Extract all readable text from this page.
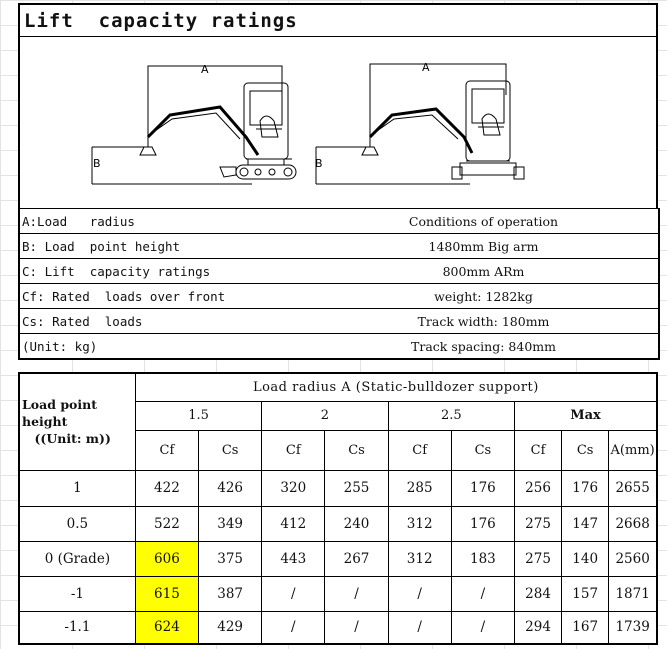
Lift  capacity ratings
A
B
A
B
A:Load   radius	Conditions of operation
B: Load  point height	1480mm Big arm
C: Lift  capacity ratings	800mm ARm
Cf: Rated  loads over front	weight: 1282kg
Cs: Rated  loads	Track width: 180mm
(Unit: kg)	Track spacing: 840mm
Load point
height
　((Unit: m))	Load radius A (Static-bulldozer support)								
	1.5		2		2.5		Max		
	Cf	Cs	Cf	Cs	Cf	Cs	Cf	Cs	A(mm)
1	422	426	320	255	285	176	256	176	2655
0.5	522	349	412	240	312	176	275	147	2668
0 (Grade)	606	375	443	267	312	183	275	140	2560
-1	615	387	/	/	/	/	284	157	1871
-1.1	624	429	/	/	/	/	294	167	1739
